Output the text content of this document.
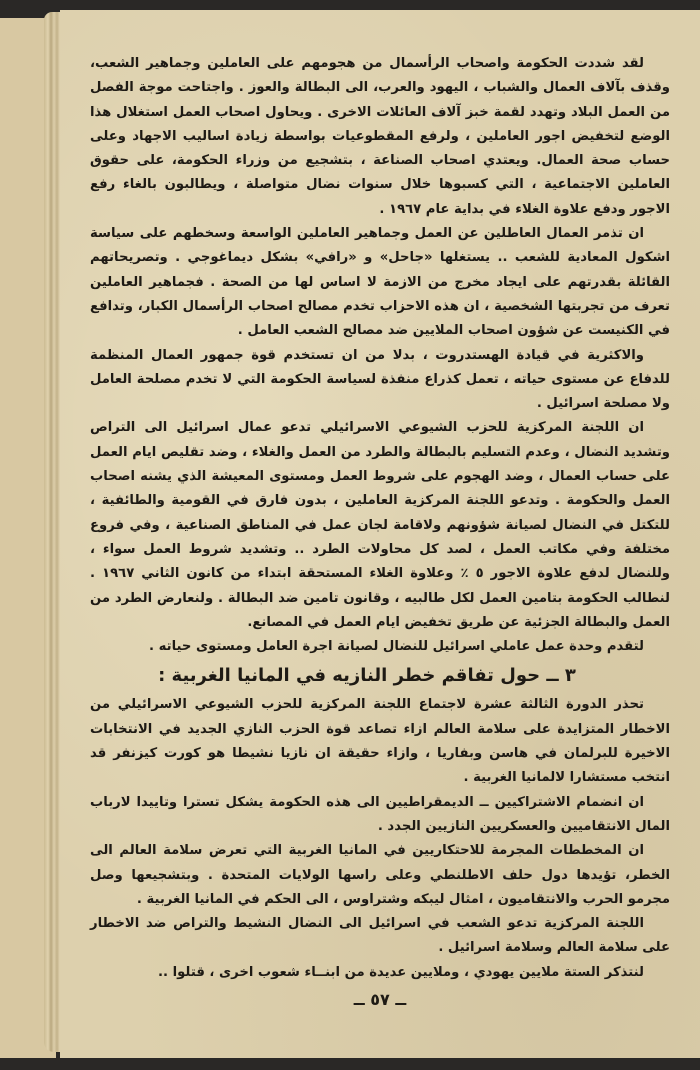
لقد شددت الحكومة واصحاب الرأسمال من هجومهم على العاملين وجماهير الشعب، وقذف بآلاف العمال والشباب ، اليهود والعرب، الى البطالة والعوز . واجتاحت موجة الفصل من العمل البلاد وتهدد لقمة خبز آلاف العائلات الاخرى . ويحاول اصحاب العمل استغلال هذا الوضع لتخفيض اجور العاملين ، ولرفع المقطوعيات بواسطة زيادة اساليب الاجهاد وعلى حساب صحة العمال. ويعتدي اصحاب الصناعة ، بتشجيع من وزراء الحكومة، على حقوق العاملين الاجتماعية ، التي كسبوها خلال سنوات نضال متواصلة ، ويطالبون بالغاء رفع الاجور ودفع علاوة الغلاء في بداية عام ١٩٦٧ .

ان تذمر العمال العاطلين عن العمل وجماهير العاملين الواسعة وسخطهم على سياسة اشكول المعادية للشعب .. يستغلها «جاحل» و «رافي» بشكل ديماغوجي . وتصريحاتهم القائلة بقدرتهم على ايجاد مخرج من الازمة لا اساس لها من الصحة . فجماهير العاملين تعرف من تجربتها الشخصية ، ان هذه الاحزاب تخدم مصالح اصحاب الرأسمال الكبار، وتدافع في الكنيست عن شؤون اصحاب الملايين ضد مصالح الشعب العامل .

والاكثرية في قيادة الهستدروت ، بدلا من ان تستخدم قوة جمهور العمال المنظمة للدفاع عن مستوى حياته ، تعمل كذراع منفذة لسياسة الحكومة التي لا تخدم مصلحة العامل ولا مصلحة اسرائيل .

ان اللجنة المركزية للحزب الشيوعي الاسرائيلي تدعو عمال اسرائيل الى التراص وتشديد النضال ، وعدم التسليم بالبطالة والطرد من العمل والغلاء ، وضد تقليص ايام العمل على حساب العمال ، وضد الهجوم على شروط العمل ومستوى المعيشة الذي يشنه اصحاب العمل والحكومة . وتدعو اللجنة المركزية العاملين ، بدون فارق في القومية والطائفية ، للتكتل في النضال لصيانة شؤونهم ولاقامة لجان عمل في المناطق الصناعية ، وفي فروع مختلفة وفي مكاتب العمل ، لصد كل محاولات الطرد .. وتشديد شروط العمل سواء ، وللنضال لدفع علاوة الاجور ٥ ٪ وعلاوة الغلاء المستحقة ابتداء من كانون الثاني ١٩٦٧ . لنطالب الحكومة بتامين العمل لكل طالبيه ، وقانون تامين ضد البطالة . ولنعارض الطرد من العمل والبطالة الجزئية عن طريق تخفيض ايام العمل في المصانع.

لتقدم وحدة عمل عاملي اسرائيل للنضال لصيانة اجرة العامل ومستوى حياته .

٣ ــ حول تفاقم خطر النازيه في المانيا الغربية :

تحذر الدورة الثالثة عشرة لاجتماع اللجنة المركزية للحزب الشيوعي الاسرائيلي من الاخطار المتزايدة على سلامة العالم ازاء تصاعد قوة الحزب النازي الجديد في الانتخابات الاخيرة للبرلمان في هاسن وبفاريا ، وازاء حقيقة ان نازيا نشيطا هو كورت كيزنفر قد انتخب مستشارا لالمانيا الغربية .

ان انضمام الاشتراكيين ــ الديمقراطيين الى هذه الحكومة يشكل تسترا وتاييدا لارباب المال الانتقاميين والعسكريين النازيين الجدد .

ان المخططات المجرمة للاحتكاريين في المانيا الغربية التي تعرض سلامة العالم الى الخطر، تؤيدها دول حلف الاطلنطي وعلى راسها الولايات المتحدة . وبتشجيعها وصل مجرمو الحرب والانتقاميون ، امثال ليبكه وشتراوس ، الى الحكم في المانيا الغربية .

اللجنة المركزية تدعو الشعب في اسرائيل الى النضال النشيط والتراص ضد الاخطار على سلامة العالم وسلامة اسرائيل .

لنتذكر الستة ملايين يهودي ، وملايين عديدة من ابنــاء شعوب اخرى ، قتلوا ..

ــ ٥٧ ــ
